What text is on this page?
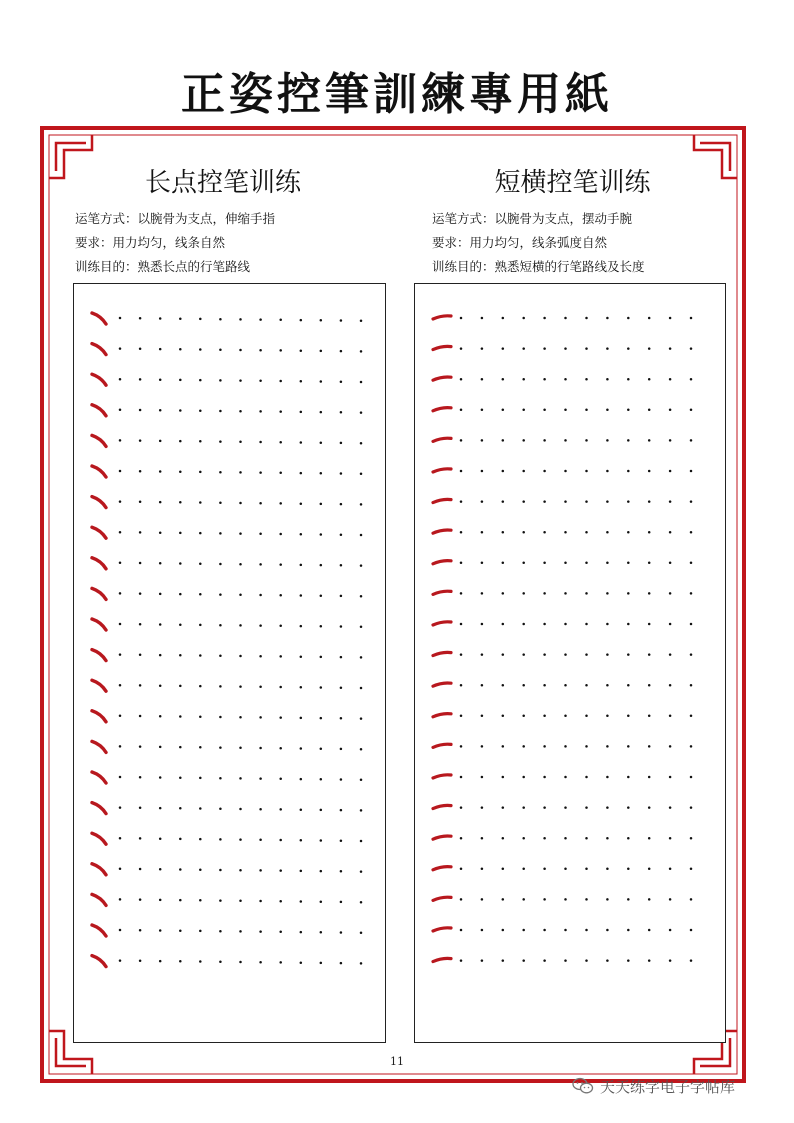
正姿控筆訓練專用紙
长点控笔训练
运笔方式：以腕骨为支点，伸缩手指
要求：用力均匀，线条自然
训练目的：熟悉长点的行笔路线
短横控笔训练
运笔方式：以腕骨为支点，摆动手腕
要求：用力均匀，线条弧度自然
训练目的：熟悉短横的行笔路线及长度
11
天天练字电子字帖库
